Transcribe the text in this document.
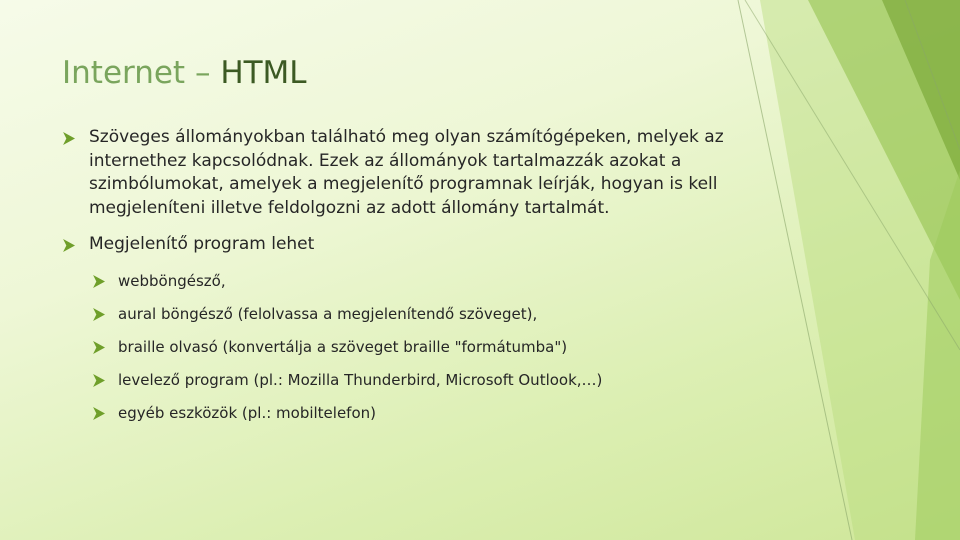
Internet – HTML
Szöveges állományokban található meg olyan számítógépeken, melyek az internethez kapcsolódnak. Ezek az állományok tartalmazzák azokat a szimbólumokat, amelyek a megjelenítő programnak leírják, hogyan is kell megjeleníteni illetve feldolgozni az adott állomány tartalmát.
Megjelenítő program lehet
webböngésző,
aural böngésző (felolvassa a megjelenítendő szöveget),
braille olvasó (konvertálja a szöveget braille "formátumba")
levelező program (pl.: Mozilla Thunderbird, Microsoft Outlook,…)
egyéb eszközök (pl.: mobiltelefon)
